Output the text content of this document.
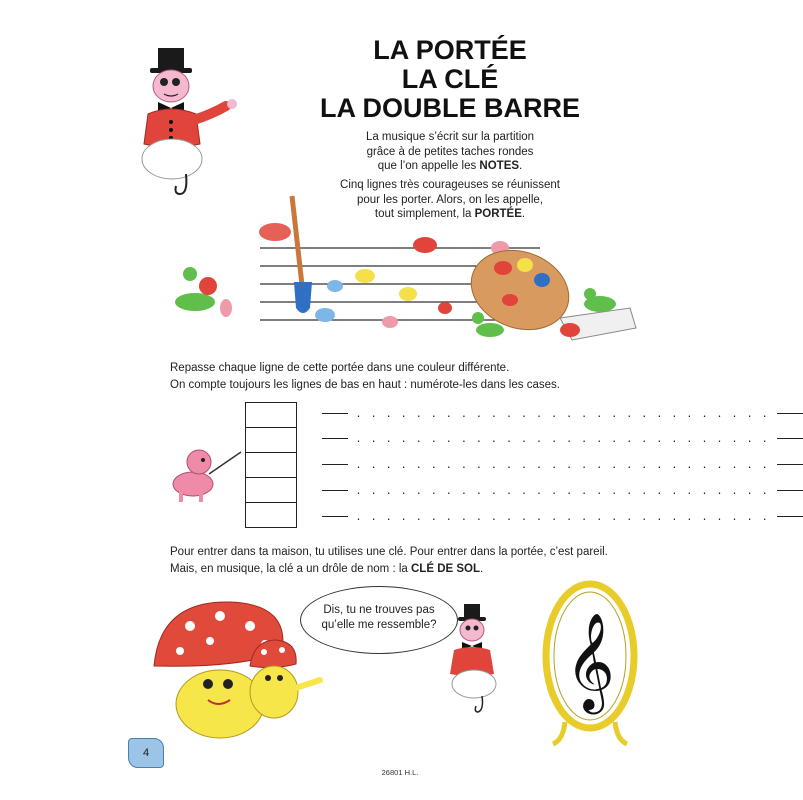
LA PORTÉE
LA CLÉ
LA DOUBLE BARRE
La musique s’écrit sur la partition
grâce à de petites taches rondes
que l’on appelle les NOTES.
Cinq lignes très courageuses se réunissent
pour les porter. Alors, on les appelle,
tout simplement, la PORTÉE.
Repasse chaque ligne de cette portée dans une couleur différente.
On compte toujours les lignes de bas en haut : numérote-les dans les cases.
. . . . . . . . . . . . . . . . . . . . . . . . . . . .
. . . . . . . . . . . . . . . . . . . . . . . . . . . .
. . . . . . . . . . . . . . . . . . . . . . . . . . . .
. . . . . . . . . . . . . . . . . . . . . . . . . . . .
. . . . . . . . . . . . . . . . . . . . . . . . . . . .
Pour entrer dans ta maison, tu utilises une clé. Pour entrer dans la portée, c’est pareil.
Mais, en musique, la clé a un drôle de nom : la CLÉ DE SOL.
Dis, tu ne trouves pas
qu’elle me ressemble? 𝄞
4
26801 H.L.
